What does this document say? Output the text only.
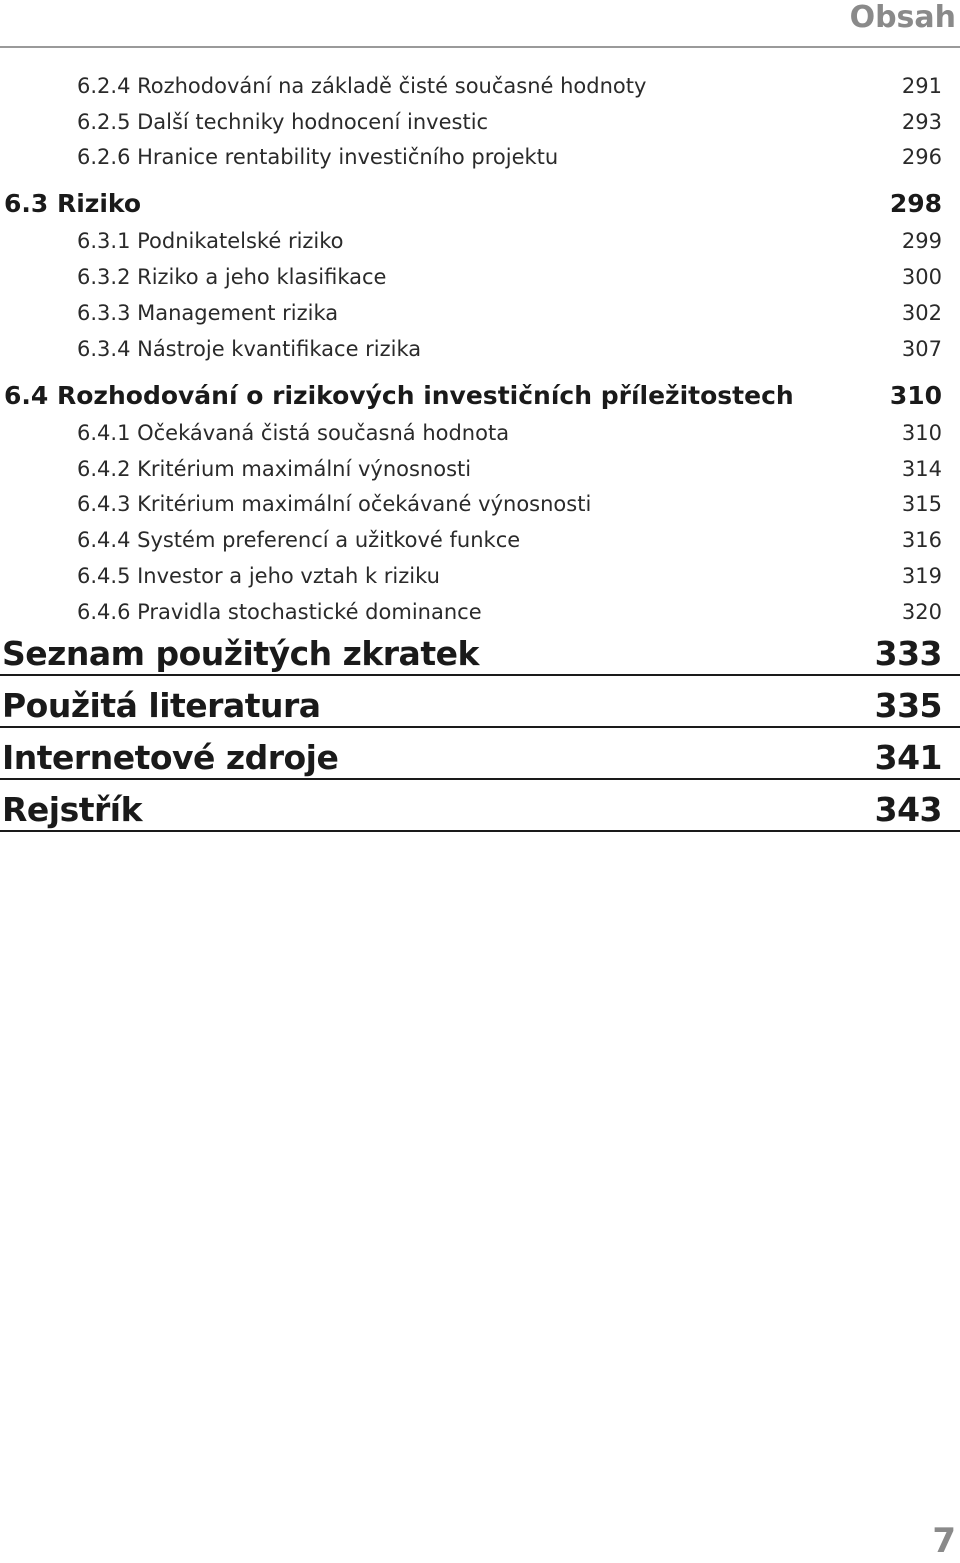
Obsah
6.2.4 Rozhodování na základě čisté současné hodnoty	291
6.2.5 Další techniky hodnocení investic	293
6.2.6 Hranice rentability investičního projektu	296
6.3 Riziko	298
6.3.1 Podnikatelské riziko	299
6.3.2 Riziko a jeho klasifikace	300
6.3.3 Management rizika	302
6.3.4 Nástroje kvantifikace rizika	307
6.4 Rozhodování o rizikových investičních příležitostech	310
6.4.1 Očekávaná čistá současná hodnota	310
6.4.2 Kritérium maximální výnosnosti	314
6.4.3 Kritérium maximální očekávané výnosnosti	315
6.4.4 Systém preferencí a užitkové funkce	316
6.4.5 Investor a jeho vztah k riziku	319
6.4.6 Pravidla stochastické dominance	320
Seznam použitých zkratek	333
Použitá literatura	335
Internetové zdroje	341
Rejstřík	343
7
